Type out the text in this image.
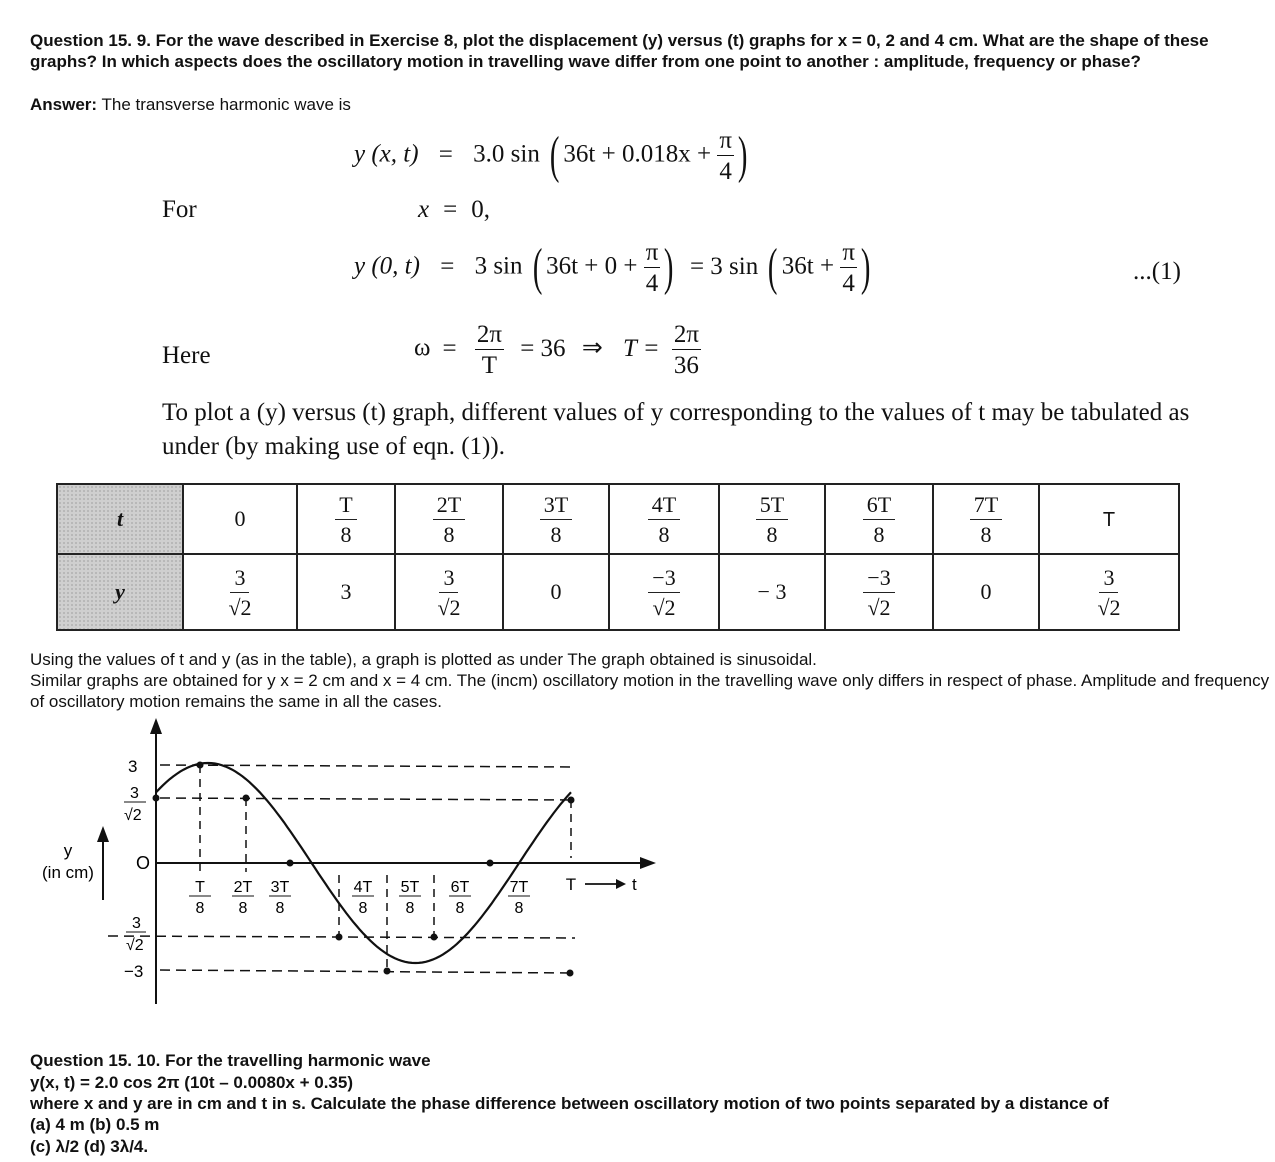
Question 15. 9. For the wave described in Exercise 8, plot the displacement (y) versus (t) graphs for x = 0, 2 and 4 cm. What are the shape of these graphs? In which aspects does the oscillatory motion in travelling wave differ from one point to another : amplitude, frequency or phase?

Answer: The transverse harmonic wave is

y (x, t) = 3.0 sin ( $36t + 0.018x + \frac{\pi}{4}$ )
For	x = 0,
y (0, t) = 3 sin ( $36t + 0 + \frac{\pi}{4}$ ) = 3 sin ( $36t + \frac{\pi}{4}$ )	...(1)
Here	$\omega = \frac{2\pi}{T} = 36$ ⇒ $T = \frac{2\pi}{36}$
To plot a (y) versus (t) graph, different values of y corresponding to the values of t may be tabulated as under (by making use of eqn. (1)).
t	0	$\frac{T}{8}$	$\frac{2T}{8}$	$\frac{3T}{8}$	$\frac{4T}{8}$	$\frac{5T}{8}$	$\frac{6T}{8}$	$\frac{7T}{8}$	T
y	$\frac{3}{√2}$	3	$\frac{3}{√2}$	0	$\frac{-3}{√2}$	− 3	$\frac{-3}{√2}$	0	$\frac{3}{√2}$

Using the values of t and y (as in the table), a graph is plotted as under The graph obtained is sinusoidal.

Similar graphs are obtained for y x = 2 cm and x = 4 cm. The (incm) oscillatory motion in the travelling wave only differs in respect of phase. Amplitude and frequency of oscillatory motion remains the same in all the cases.

y
(in cm) O
3
3
√2
3
√2
−3
T
8
2T
8
3T
8
4T
8
5T
8
6T
8
7T
8
T	t

Question 15. 10. For the travelling harmonic wave

y(x, t) = 2.0 cos 2π (10t – 0.0080x + 0.35)

where x and y are in cm and t in s. Calculate the phase difference between oscillatory motion of two points separated by a distance of

(a) 4 m (b) 0.5 m

(c) λ/2 (d) 3λ/4.
